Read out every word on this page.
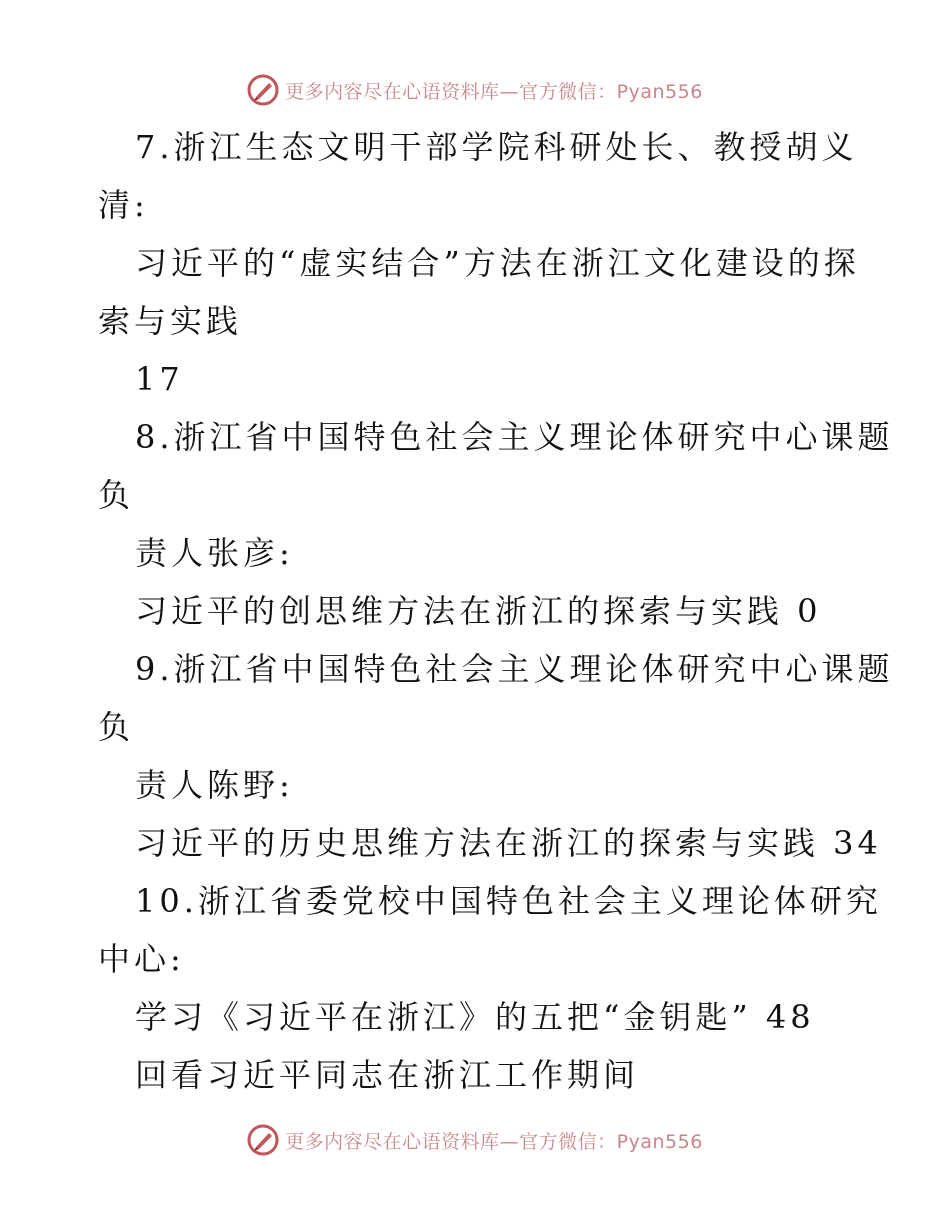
更多内容尽在心语资料库—官方微信：Pyan556
7.浙江生态文明干部学院科研处长、教授胡义
清:
习近平的“虚实结合”方法在浙江文化建设的探
索与实践
17
8.浙江省中国特色社会主义理论体研究中心课题
负
责人张彦:
习近平的创思维方法在浙江的探索与实践 0
9.浙江省中国特色社会主义理论体研究中心课题
负
责人陈野:
习近平的历史思维方法在浙江的探索与实践 34
10.浙江省委党校中国特色社会主义理论体研究
中心:
学习《习近平在浙江》的五把“金钥匙” 48
回看习近平同志在浙江工作期间
更多内容尽在心语资料库—官方微信：Pyan556
